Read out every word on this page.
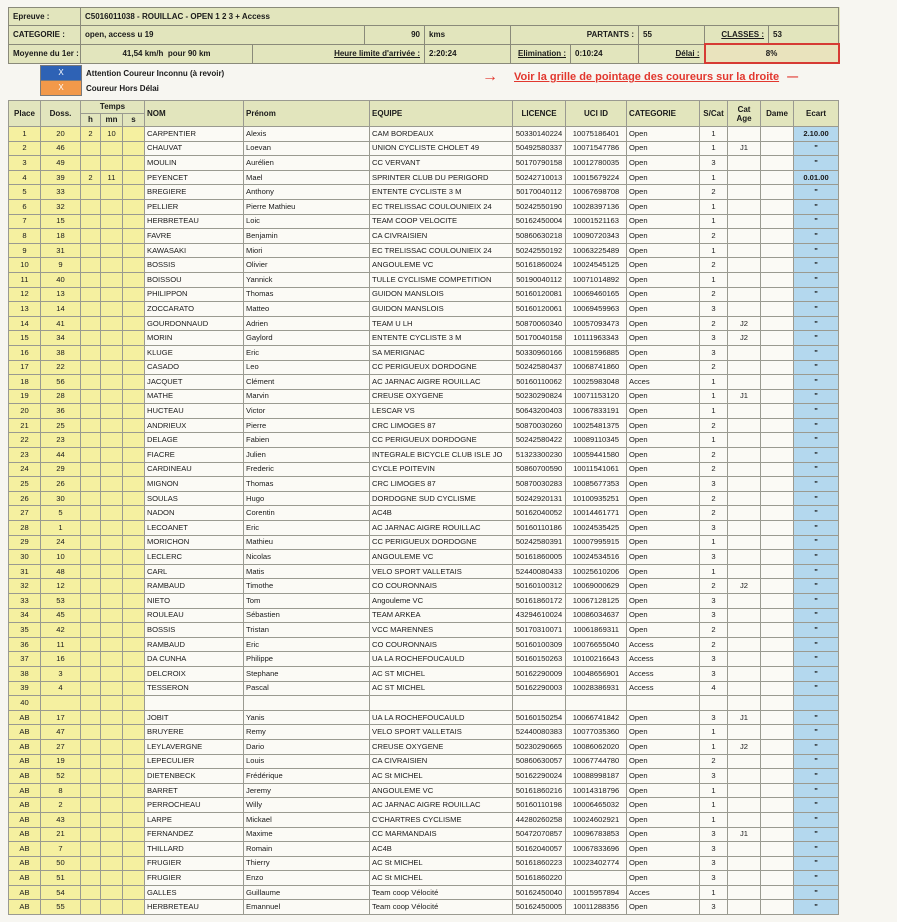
Epreuve :	C5016011038 - ROUILLAC - OPEN 1 2 3 + Access								
CATEGORIE :	open, access u 19		90	kms	PARTANTS :		55	CLASSES :	53
Moyenne du 1er :	41,54 km/h pour 90 km	Heure limite d'arrivée :		2:20:24	Elimination :	0:10:24	Délai :	8%	
X	Attention Coureur Inconnu (à revoir)
X	Coureur Hors Délai
→ Voir la grille de pointage des coureurs sur la droite —
Place	Doss.	Temps			NOM	Prénom	EQUIPE	LICENCE	UCI ID	CATEGORIE	S/Cat	Cat Age	Dame	Ecart
		h	mn	s										
1	20	2	10		CARPENTIER	Alexis	CAM BORDEAUX	50330140224	10075186401	Open	1			2.10.00
2	46				CHAUVAT	Loevan	UNION CYCLISTE CHOLET 49	50492580337	10071547786	Open	1	J1		"
3	49				MOULIN	Aurélien	CC VERVANT	50170790158	10012780035	Open	3			"
4	39	2	11		PEYENCET	Mael	SPRINTER CLUB DU PERIGORD	50242710013	10015679224	Open	1			0.01.00
5	33				BREGIERE	Anthony	ENTENTE CYCLISTE 3 M	50170040112	10067698708	Open	2			"
6	32				PELLIER	Pierre Mathieu	EC TRELISSAC COULOUNIEIX 24	50242550190	10028397136	Open	1			"
7	15				HERBRETEAU	Loic	TEAM COOP VELOCITE	50162450004	10001521163	Open	1			"
8	18				FAVRE	Benjamin	CA CIVRAISIEN	50860630218	10090720343	Open	2			"
9	31				KAWASAKI	Miori	EC TRELISSAC COULOUNIEIX 24	50242550192	10063225489	Open	1			"
10	9				BOSSIS	Olivier	ANGOULEME VC	50161860024	10024545125	Open	2			"
11	40				BOISSOU	Yannick	TULLE CYCLISME COMPETITION	50190040112	10071014892	Open	1			"
12	13				PHILIPPON	Thomas	GUIDON MANSLOIS	50160120081	10069460165	Open	2			"
13	14				ZOCCARATO	Matteo	GUIDON MANSLOIS	50160120061	10069459963	Open	3			"
14	41				GOURDONNAUD	Adrien	TEAM U LH	50870060340	10057093473	Open	2	J2		"
15	34				MORIN	Gaylord	ENTENTE CYCLISTE 3 M	50170040158	10111963343	Open	3	J2		"
16	38				KLUGE	Eric	SA MERIGNAC	50330960166	10081596885	Open	3			"
17	22				CASADO	Leo	CC PERIGUEUX DORDOGNE	50242580437	10068741860	Open	2			"
18	56				JACQUET	Clément	AC JARNAC AIGRE ROUILLAC	50160110062	10025983048	Acces	1			"
19	28				MATHE	Marvin	CREUSE OXYGENE	50230290824	10071153120	Open	1	J1		"
20	36				HUCTEAU	Victor	LESCAR VS	50643200403	10067833191	Open	1			"
21	25				ANDRIEUX	Pierre	CRC LIMOGES 87	50870030260	10025481375	Open	2			"
22	23				DELAGE	Fabien	CC PERIGUEUX DORDOGNE	50242580422	10089110345	Open	1			"
23	44				FIACRE	Julien	INTEGRALE BICYCLE CLUB ISLE JO	51323300230	10059441580	Open	2			"
24	29				CARDINEAU	Frederic	CYCLE POITEVIN	50860700590	10011541061	Open	2			"
25	26				MIGNON	Thomas	CRC LIMOGES 87	50870030283	10085677353	Open	3			"
26	30				SOULAS	Hugo	DORDOGNE SUD CYCLISME	50242920131	10100935251	Open	2			"
27	5				NADON	Corentin	AC4B	50162040052	10014461771	Open	2			"
28	1				LECOANET	Eric	AC JARNAC AIGRE ROUILLAC	50160110186	10024535425	Open	3			"
29	24				MORICHON	Mathieu	CC PERIGUEUX DORDOGNE	50242580391	10007995915	Open	1			"
30	10				LECLERC	Nicolas	ANGOULEME VC	50161860005	10024534516	Open	3			"
31	48				CARL	Matis	VELO SPORT VALLETAIS	52440080433	10025610206	Open	1			"
32	12				RAMBAUD	Timothe	CO COURONNAIS	50160100312	10069000629	Open	2	J2		"
33	53				NIETO	Tom	Angouleme VC	50161860172	10067128125	Open	3			"
34	45				ROULEAU	Sébastien	TEAM ARKEA	43294610024	10086034637	Open	3			"
35	42				BOSSIS	Tristan	VCC MARENNES	50170310071	10061869311	Open	2			"
36	11				RAMBAUD	Eric	CO COURONNAIS	50160100309	10076655040	Access	2			"
37	16				DA CUNHA	Philippe	UA LA ROCHEFOUCAULD	50160150263	10100216643	Access	3			"
38	3				DELCROIX	Stephane	AC ST MICHEL	50162290009	10048656901	Access	3			"
39	4				TESSERON	Pascal	AC ST MICHEL	50162290003	10028386931	Access	4			"
40														
AB	17				JOBIT	Yanis	UA LA ROCHEFOUCAULD	50160150254	10066741842	Open	3	J1		"
AB	47				BRUYERE	Remy	VELO SPORT VALLETAIS	52440080383	10077035360	Open	1			"
AB	27				LEYLAVERGNE	Dario	CREUSE OXYGENE	50230290665	10086062020	Open	1	J2		"
AB	19				LEPECULIER	Louis	CA CIVRAISIEN	50860630057	10067744780	Open	2			"
AB	52				DIETENBECK	Frédérique	AC St MICHEL	50162290024	10088998187	Open	3			"
AB	8				BARRET	Jeremy	ANGOULEME VC	50161860216	10014318796	Open	1			"
AB	2				PERROCHEAU	Willy	AC JARNAC AIGRE ROUILLAC	50160110198	10006465032	Open	1			"
AB	43				LARPE	Mickael	C'CHARTRES CYCLISME	44280260258	10024602921	Open	1			"
AB	21				FERNANDEZ	Maxime	CC MARMANDAIS	50472070857	10096783853	Open	3	J1		"
AB	7				THILLARD	Romain	AC4B	50162040057	10067833696	Open	3			"
AB	50				FRUGIER	Thierry	AC St MICHEL	50161860223	10023402774	Open	3			"
AB	51				FRUGIER	Enzo	AC St MICHEL	50161860220		Open	3			"
AB	54				GALLES	Guillaume	Team coop Vélocité	50162450040	10015957894	Acces	1			"
AB	55				HERBRETEAU	Emannuel	Team coop Vélocité	50162450005	10011288356	Open	3			"
